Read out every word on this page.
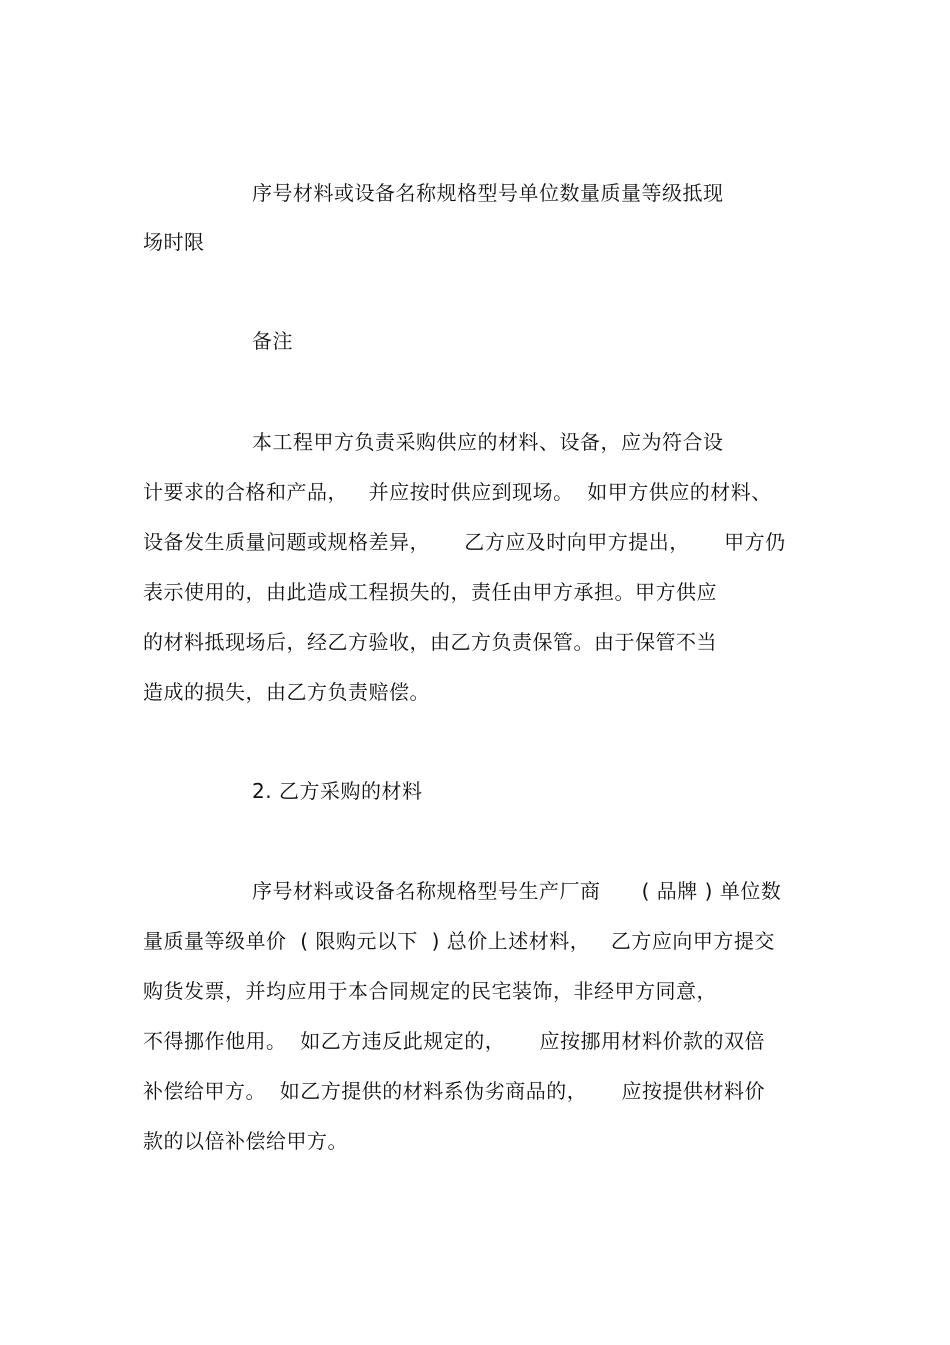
序号材料或设备名称规格型号单位数量质量等级抵现
场时限
备注
本工程甲方负责采购供应的材料、设备，应为符合设
计要求的合格和产品，   并应按时供应到现场。  如甲方供应的材料、
设备发生质量问题或规格差异，     乙方应及时向甲方提出，     甲方仍
表示使用的，由此造成工程损失的，责任由甲方承担。甲方供应
的材料抵现场后，经乙方验收，由乙方负责保管。由于保管不当
造成的损失，由乙方负责赔偿。
2. 乙方采购的材料
序号材料或设备名称规格型号生产厂商      ( 品牌 ) 单位数
量质量等级单价  ( 限购元以下  ) 总价上述材料，   乙方应向甲方提交
购货发票，并均应用于本合同规定的民宅装饰，非经甲方同意，
不得挪作他用。  如乙方违反此规定的，     应按挪用材料价款的双倍
补偿给甲方。  如乙方提供的材料系伪劣商品的，     应按提供材料价
款的以倍补偿给甲方。
